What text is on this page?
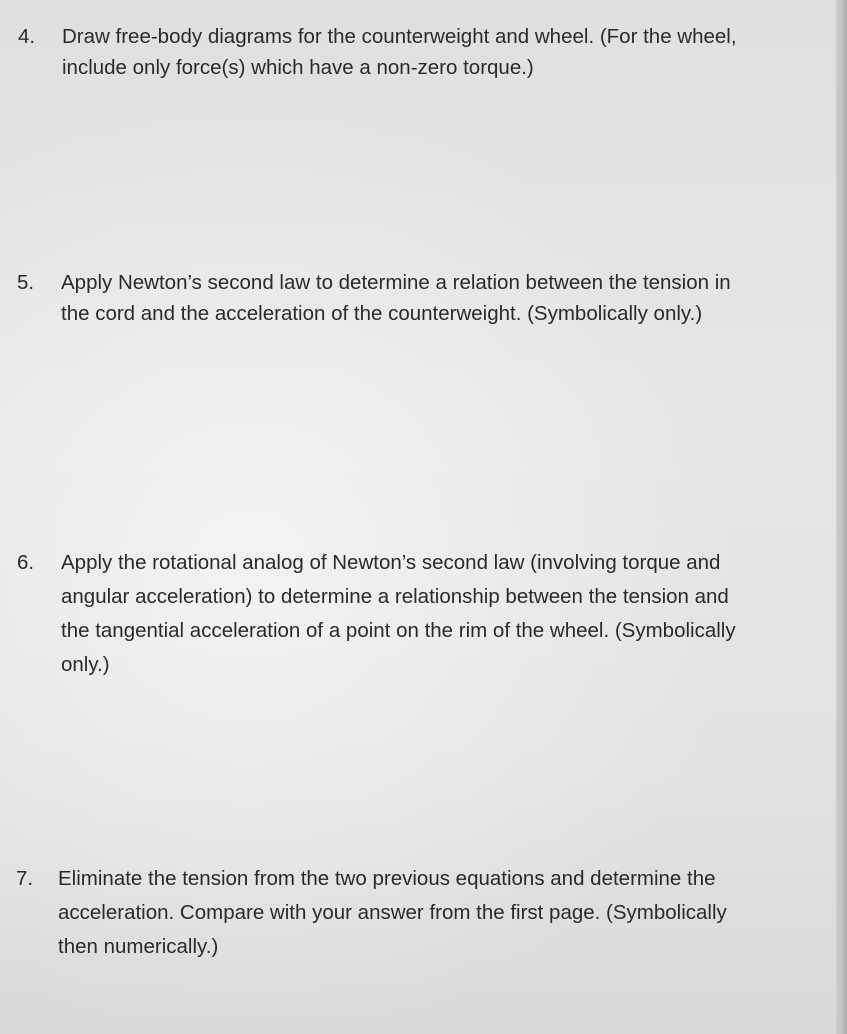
4. Draw free-body diagrams for the counterweight and wheel. (For the wheel,
include only force(s) which have a non-zero torque.)
5. Apply Newton’s second law to determine a relation between the tension in
the cord and the acceleration of the counterweight. (Symbolically only.)
6. Apply the rotational analog of Newton’s second law (involving torque and
angular acceleration) to determine a relationship between the tension and
the tangential acceleration of a point on the rim of the wheel. (Symbolically
only.)
7. Eliminate the tension from the two previous equations and determine the
acceleration. Compare with your answer from the first page. (Symbolically
then numerically.)
